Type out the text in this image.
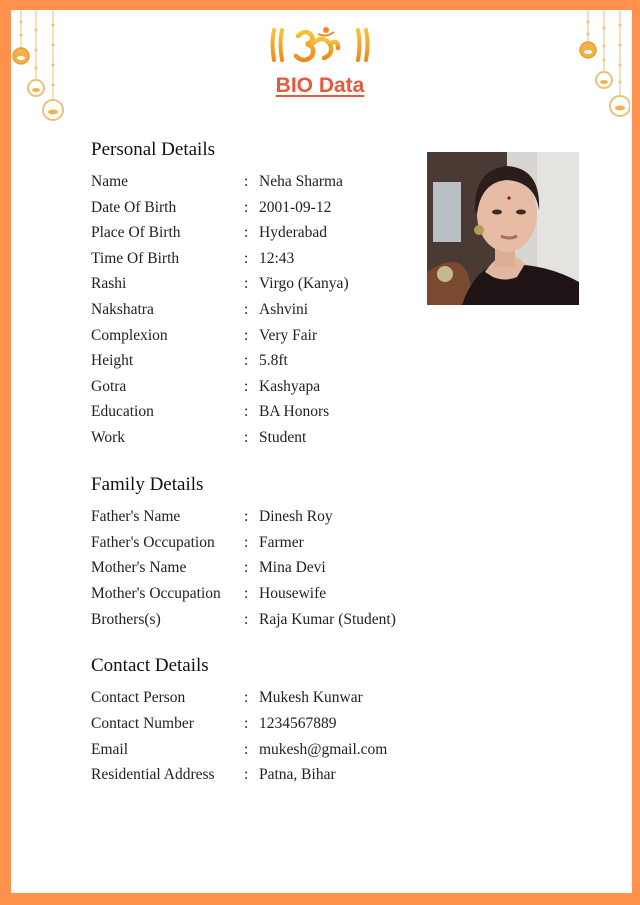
BIO Data
Personal Details
Name	: Neha Sharma
Date Of Birth	: 2001-09-12
Place Of Birth	: Hyderabad
Time Of Birth	: 12:43
Rashi	: Virgo (Kanya)
Nakshatra	: Ashvini
Complexion	: Very Fair
Height	: 5.8ft
Gotra	: Kashyapa
Education	: BA Honors
Work	: Student
Family Details
Father's Name	: Dinesh Roy
Father's Occupation : Farmer
Mother's Name	: Mina Devi
Mother's Occupation : Housewife
Brothers(s)	: Raja Kumar (Student)
Contact Details
Contact Person	: Mukesh Kunwar
Contact Number	: 1234567889
Email	: mukesh@gmail.com
Residential Address : Patna, Bihar
